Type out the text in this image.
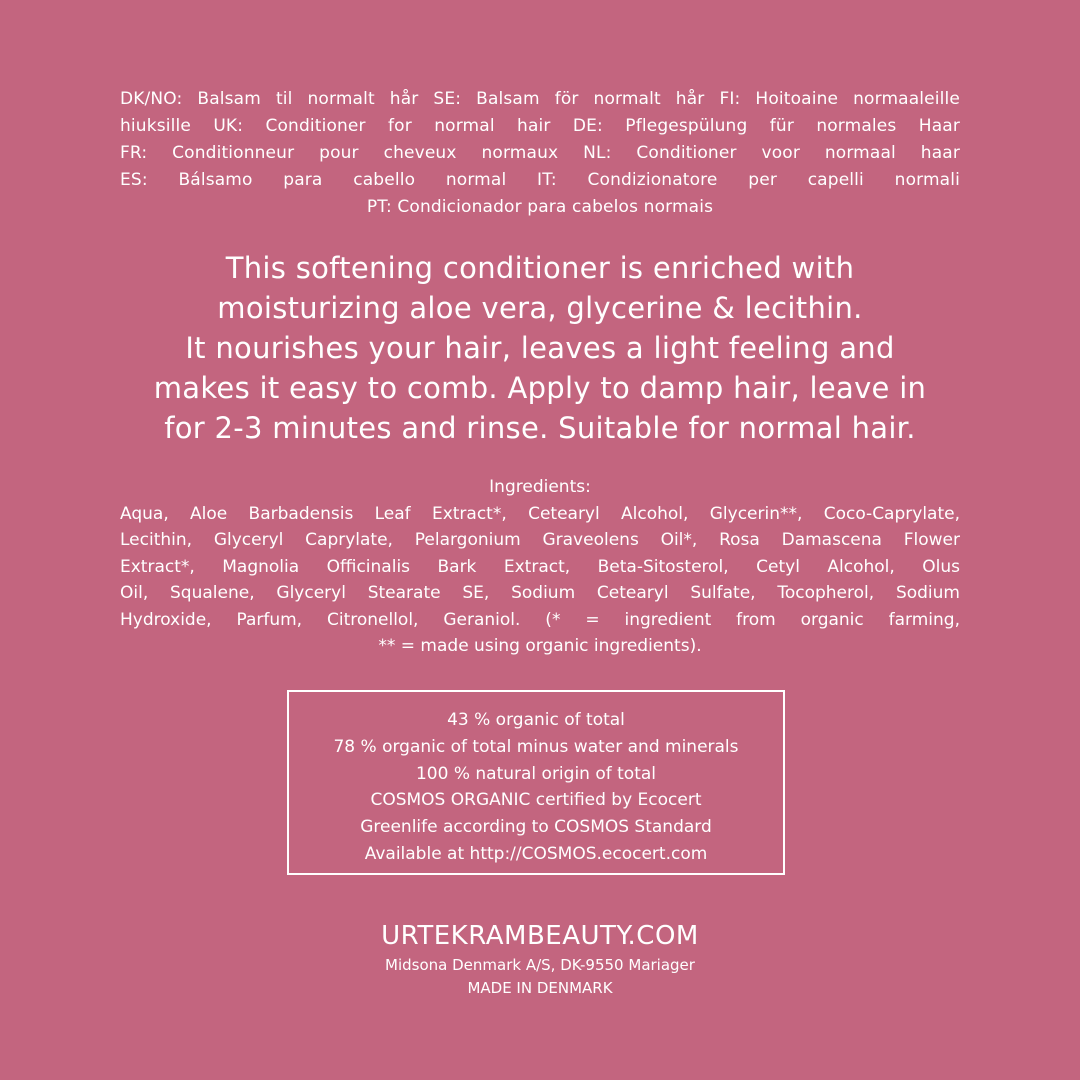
DK/NO: Balsam til normalt hår SE: Balsam för normalt hår FI: Hoitoaine normaaleille
hiuksille UK: Conditioner for normal hair DE: Pflegespülung für normales Haar
FR: Conditionneur pour cheveux normaux NL: Conditioner voor normaal haar
ES: Bálsamo para cabello normal IT: Condizionatore per capelli normali
PT: Condicionador para cabelos normais
This softening conditioner is enriched with
moisturizing aloe vera, glycerine & lecithin.
It nourishes your hair, leaves a light feeling and
makes it easy to comb. Apply to damp hair, leave in
for 2-3 minutes and rinse. Suitable for normal hair.
Ingredients:
Aqua, Aloe Barbadensis Leaf Extract*, Cetearyl Alcohol, Glycerin**, Coco-Caprylate,
Lecithin, Glyceryl Caprylate, Pelargonium Graveolens Oil*, Rosa Damascena Flower
Extract*, Magnolia Officinalis Bark Extract, Beta-Sitosterol, Cetyl Alcohol, Olus
Oil, Squalene, Glyceryl Stearate SE, Sodium Cetearyl Sulfate, Tocopherol, Sodium
Hydroxide, Parfum, Citronellol, Geraniol. (* = ingredient from organic farming,
** = made using organic ingredients).
43 % organic of total
78 % organic of total minus water and minerals
100 % natural origin of total
COSMOS ORGANIC certified by Ecocert
Greenlife according to COSMOS Standard
Available at http://COSMOS.ecocert.com
URTEKRAMBEAUTY.COM
Midsona Denmark A/S, DK-9550 Mariager
MADE IN DENMARK
